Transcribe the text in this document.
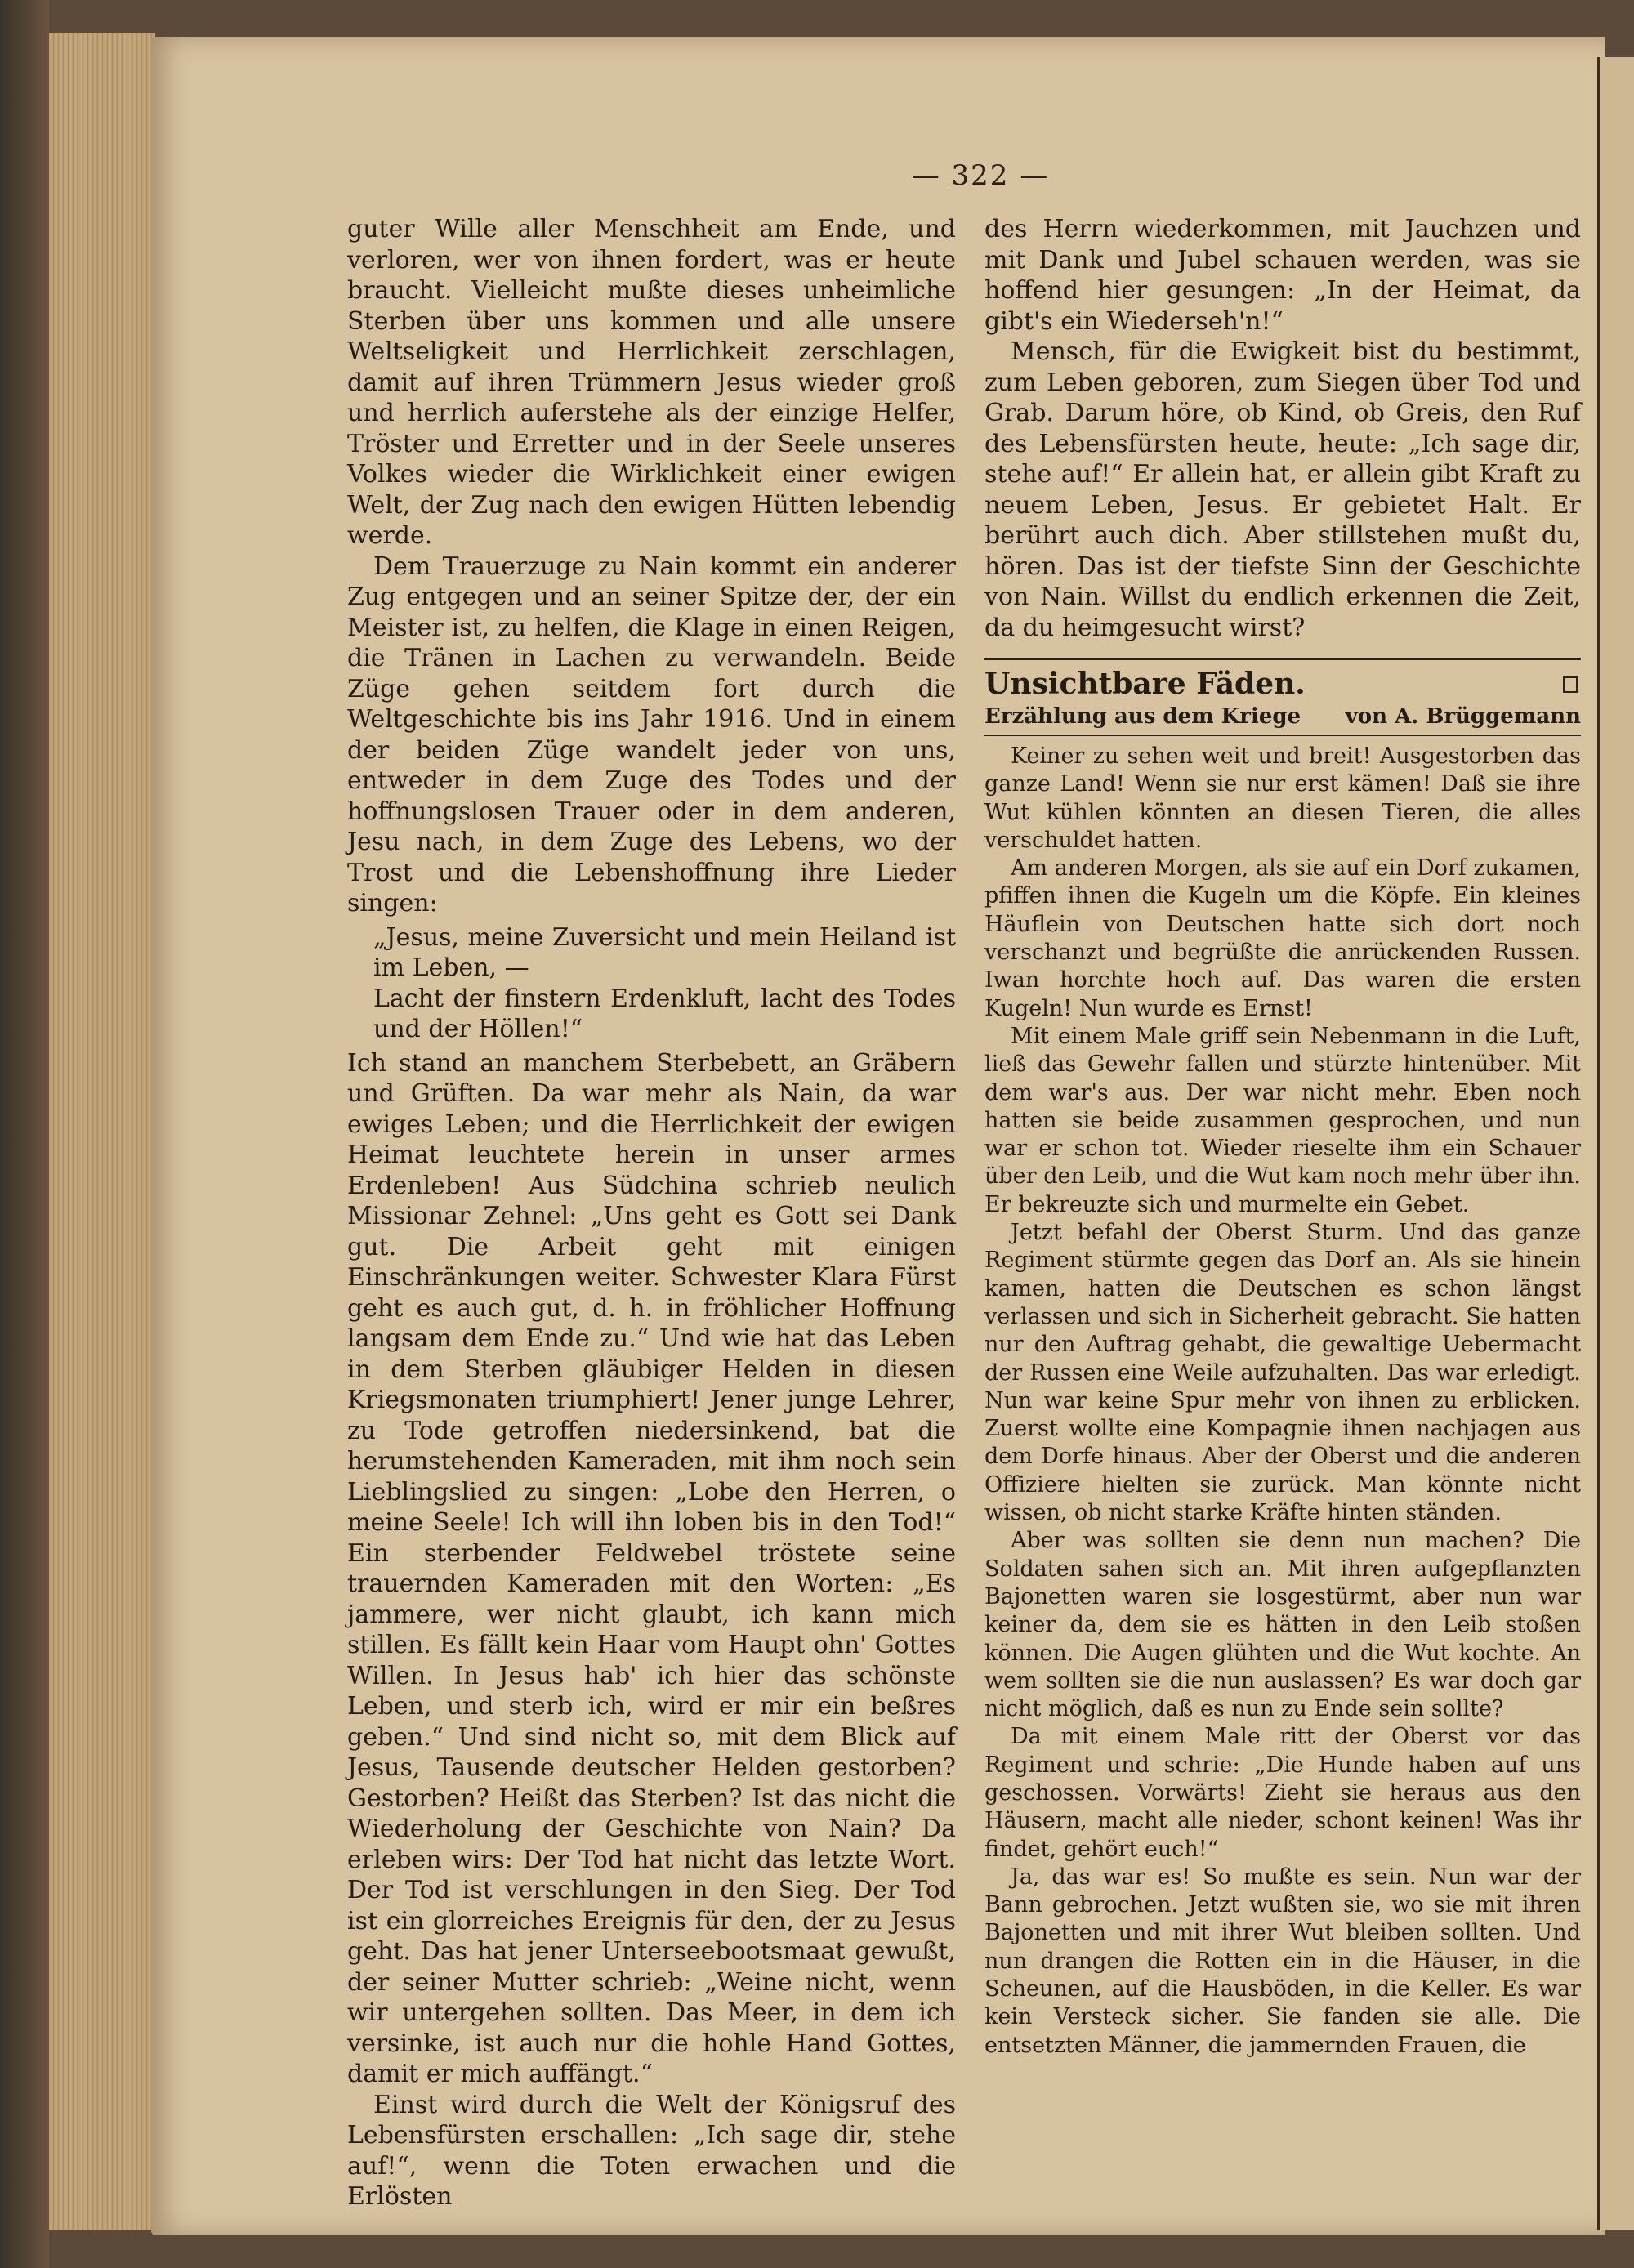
— 322 —

guter Wille aller Menschheit am Ende, und verloren, wer von ihnen fordert, was er heute braucht. Vielleicht mußte dieses unheimliche Sterben über uns kommen und alle unsere Weltseligkeit und Herrlichkeit zerschlagen, damit auf ihren Trümmern Jesus wieder groß und herrlich auferstehe als der einzige Helfer, Tröster und Erretter und in der Seele unseres Volkes wieder die Wirklichkeit einer ewigen Welt, der Zug nach den ewigen Hütten lebendig werde.

Dem Trauerzuge zu Nain kommt ein anderer Zug entgegen und an seiner Spitze der, der ein Meister ist, zu helfen, die Klage in einen Reigen, die Tränen in Lachen zu verwandeln. Beide Züge gehen seitdem fort durch die Weltgeschichte bis ins Jahr 1916. Und in einem der beiden Züge wandelt jeder von uns, entweder in dem Zuge des Todes und der hoffnungslosen Trauer oder in dem anderen, Jesu nach, in dem Zuge des Lebens, wo der Trost und die Lebenshoffnung ihre Lieder singen:

„Jesus, meine Zuversicht und mein Heiland ist im Leben, —

Lacht der finstern Erdenkluft, lacht des Todes und der Höllen!“

Ich stand an manchem Sterbebett, an Gräbern und Grüften. Da war mehr als Nain, da war ewiges Leben; und die Herrlichkeit der ewigen Heimat leuchtete herein in unser armes Erdenleben! Aus Südchina schrieb neulich Missionar Zehnel: „Uns geht es Gott sei Dank gut. Die Arbeit geht mit einigen Einschränkungen weiter. Schwester Klara Fürst geht es auch gut, d. h. in fröhlicher Hoffnung langsam dem Ende zu.“ Und wie hat das Leben in dem Sterben gläubiger Helden in diesen Kriegsmonaten triumphiert! Jener junge Lehrer, zu Tode getroffen niedersinkend, bat die herumstehenden Kameraden, mit ihm noch sein Lieblingslied zu singen: „Lobe den Herren, o meine Seele! Ich will ihn loben bis in den Tod!“ Ein sterbender Feldwebel tröstete seine trauernden Kameraden mit den Worten: „Es jammere, wer nicht glaubt, ich kann mich stillen. Es fällt kein Haar vom Haupt ohn' Gottes Willen. In Jesus hab' ich hier das schönste Leben, und sterb ich, wird er mir ein beßres geben.“ Und sind nicht so, mit dem Blick auf Jesus, Tausende deutscher Helden gestorben? Gestorben? Heißt das Sterben? Ist das nicht die Wiederholung der Geschichte von Nain? Da erleben wirs: Der Tod hat nicht das letzte Wort. Der Tod ist verschlungen in den Sieg. Der Tod ist ein glorreiches Ereignis für den, der zu Jesus geht. Das hat jener Unterseebootsmaat gewußt, der seiner Mutter schrieb: „Weine nicht, wenn wir untergehen sollten. Das Meer, in dem ich versinke, ist auch nur die hohle Hand Gottes, damit er mich auffängt.“

Einst wird durch die Welt der Königsruf des Lebensfürsten erschallen: „Ich sage dir, stehe auf!“, wenn die Toten erwachen und die Erlösten

des Herrn wiederkommen, mit Jauchzen und mit Dank und Jubel schauen werden, was sie hoffend hier gesungen: „In der Heimat, da gibt's ein Wiederseh'n!“

Mensch, für die Ewigkeit bist du bestimmt, zum Leben geboren, zum Siegen über Tod und Grab. Darum höre, ob Kind, ob Greis, den Ruf des Lebensfürsten heute, heute: „Ich sage dir, stehe auf!“ Er allein hat, er allein gibt Kraft zu neuem Leben, Jesus. Er gebietet Halt. Er berührt auch dich. Aber stillstehen mußt du, hören. Das ist der tiefste Sinn der Geschichte von Nain. Willst du endlich erkennen die Zeit, da du heimgesucht wirst?

Unsichtbare Fäden.
Erzählung aus dem Kriege von A. Brüggemann

Keiner zu sehen weit und breit! Ausgestorben das ganze Land! Wenn sie nur erst kämen! Daß sie ihre Wut kühlen könnten an diesen Tieren, die alles verschuldet hatten.

Am anderen Morgen, als sie auf ein Dorf zukamen, pfiffen ihnen die Kugeln um die Köpfe. Ein kleines Häuflein von Deutschen hatte sich dort noch verschanzt und begrüßte die anrückenden Russen. Iwan horchte hoch auf. Das waren die ersten Kugeln! Nun wurde es Ernst!

Mit einem Male griff sein Nebenmann in die Luft, ließ das Gewehr fallen und stürzte hintenüber. Mit dem war's aus. Der war nicht mehr. Eben noch hatten sie beide zusammen gesprochen, und nun war er schon tot. Wieder rieselte ihm ein Schauer über den Leib, und die Wut kam noch mehr über ihn. Er bekreuzte sich und murmelte ein Gebet.

Jetzt befahl der Oberst Sturm. Und das ganze Regiment stürmte gegen das Dorf an. Als sie hinein kamen, hatten die Deutschen es schon längst verlassen und sich in Sicherheit gebracht. Sie hatten nur den Auftrag gehabt, die gewaltige Uebermacht der Russen eine Weile aufzuhalten. Das war erledigt. Nun war keine Spur mehr von ihnen zu erblicken. Zuerst wollte eine Kompagnie ihnen nachjagen aus dem Dorfe hinaus. Aber der Oberst und die anderen Offiziere hielten sie zurück. Man könnte nicht wissen, ob nicht starke Kräfte hinten ständen.

Aber was sollten sie denn nun machen? Die Soldaten sahen sich an. Mit ihren aufgepflanzten Bajonetten waren sie losgestürmt, aber nun war keiner da, dem sie es hätten in den Leib stoßen können. Die Augen glühten und die Wut kochte. An wem sollten sie die nun auslassen? Es war doch gar nicht möglich, daß es nun zu Ende sein sollte?

Da mit einem Male ritt der Oberst vor das Regiment und schrie: „Die Hunde haben auf uns geschossen. Vorwärts! Zieht sie heraus aus den Häusern, macht alle nieder, schont keinen! Was ihr findet, gehört euch!“

Ja, das war es! So mußte es sein. Nun war der Bann gebrochen. Jetzt wußten sie, wo sie mit ihren Bajonetten und mit ihrer Wut bleiben sollten. Und nun drangen die Rotten ein in die Häuser, in die Scheunen, auf die Hausböden, in die Keller. Es war kein Versteck sicher. Sie fanden sie alle. Die entsetzten Männer, die jammernden Frauen, die
